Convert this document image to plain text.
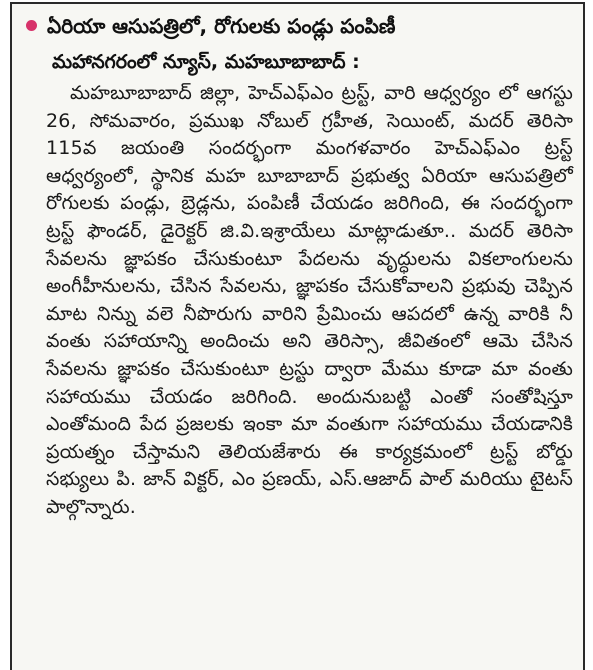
ఏరియా ఆసుపత్రిలో, రోగులకు పండ్లు పంపిణీ
మహానగరంలో న్యూస్, మహబూబాబాద్ :
మహబూబాబాద్ జిల్లా, హెచ్ఎఫ్ఎం ట్రస్ట్, వారి ఆధ్వర్యం లో ఆగస్టు 26, సోమవారం, ప్రముఖ నోబుల్ గ్రహీత, సెయింట్, మదర్ తెరిసా 115వ జయంతి సందర్భంగా మంగళవారం హెచ్ఎఫ్ఎం ట్రస్ట్ ఆధ్వర్యంలో, స్థానిక మహ బూబాబాద్ ప్రభుత్వ ఏరియా ఆసుపత్రిలో రోగులకు పండ్లు, బ్రెడ్లను, పంపిణీ చేయడం జరిగింది, ఈ సందర్భంగా ట్రస్ట్ ఫౌండర్, డైరెక్టర్ జి.వి.ఇశ్రాయేలు మాట్లాడుతూ.. మదర్ తెరిసా సేవలను జ్ఞాపకం చేసుకుంటూ పేదలను వృద్ధులను వికలాంగులను అంగీహీనులను, చేసిన సేవలను, జ్ఞాపకం చేసుకోవాలని ప్రభువు చెప్పిన మాట నిన్ను వలె నీపొరుగు వారిని ప్రేమించు ఆపదలో ఉన్న వారికి నీ వంతు సహాయాన్ని అందించు అని తెరిస్సా, జీవితంలో ఆమె చేసిన సేవలను జ్ఞాపకం చేసుకుంటూ ట్రస్టు ద్వారా మేము కూడా మా వంతు సహాయము చేయడం జరిగింది. అందునుబట్టి ఎంతో సంతోషిస్తూ ఎంతోమంది పేద ప్రజలకు ఇంకా మా వంతుగా సహాయము చేయడానికి ప్రయత్నం చేస్తామని తెలియజేశారు ఈ కార్యక్రమంలో ట్రస్ట్ బోర్డు సభ్యులు పి. జాన్ విక్టర్, ఎం ప్రణయ్, ఎస్.ఆజాద్ పాల్ మరియు టైటస్ పాల్గొన్నారు.
